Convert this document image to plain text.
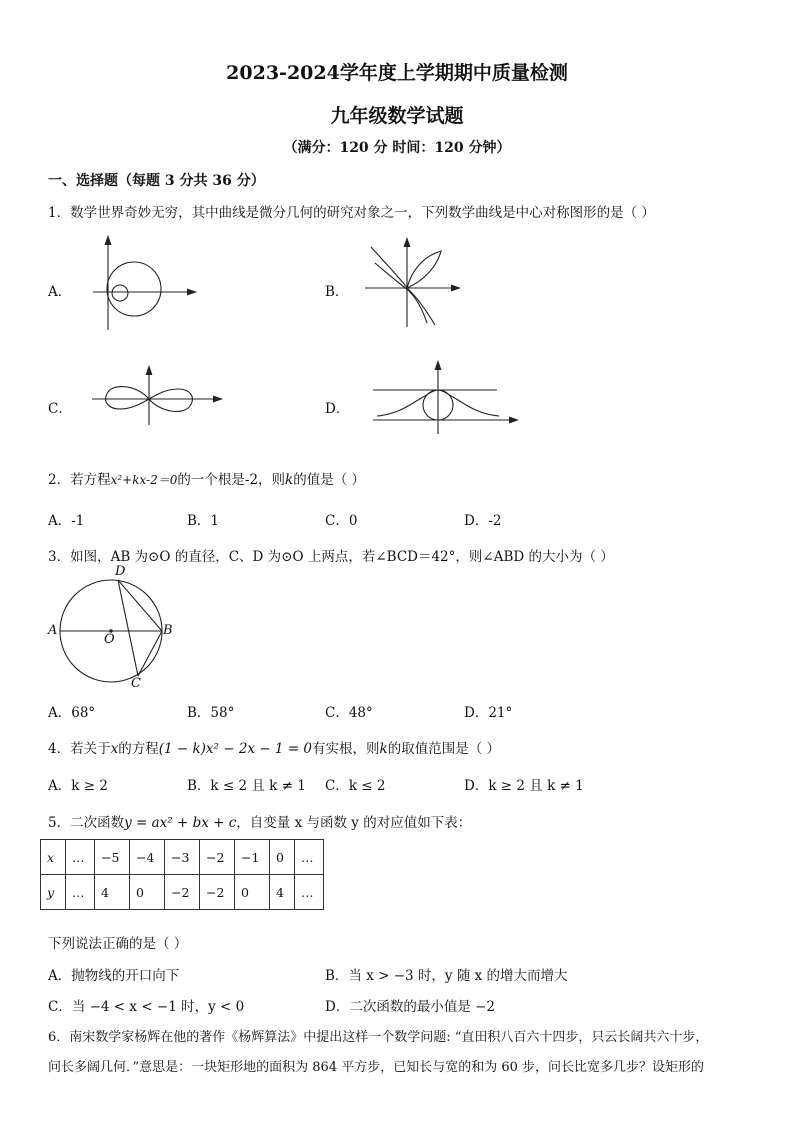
2023-2024学年度上学期期中质量检测
九年级数学试题
（满分：120 分 时间：120 分钟）
一、选择题（每题 3 分共 36 分）
1．数学世界奇妙无穷，其中曲线是微分几何的研究对象之一，下列数学曲线是中心对称图形的是（ ）
A．	B．
C．	D．
2．若方程x²+kx-2＝0的一个根是-2，则k的值是（ ）
A．-1	B．1	C．0	D．-2
3．如图，AB 为⊙O 的直径，C、D 为⊙O 上两点，若∠BCD＝42°，则∠ABD 的大小为（ ）
D
A
O
B
C
A．68°	B．58°	C．48°	D．21°
4．若关于x的方程(1 − k)x² − 2x − 1 = 0有实根，则k的取值范围是（ ）
A．k ≥ 2	B．k ≤ 2 且 k ≠ 1 C．k ≤ 2	D．k ≥ 2 且 k ≠ 1
5．二次函数y = ax² + bx + c，自变量 x 与函数 y 的对应值如下表：
x	…	−5	−4	−3	−2	−1	0	…
y	…	4	0	−2	−2	0	4	…
下列说法正确的是（ ）
A．抛物线的开口向下	B．当 x > −3 时，y 随 x 的增大而增大
C．当 −4 < x < −1 时，y < 0	D．二次函数的最小值是 −2
6．南宋数学家杨辉在他的著作《杨辉算法》中提出这样一个数学问题: “直田积八百六十四步，只云长阔共六十步，
问长多阔几何．”意思是：一块矩形地的面积为 864 平方步，已知长与宽的和为 60 步，问长比宽多几步？设矩形的
